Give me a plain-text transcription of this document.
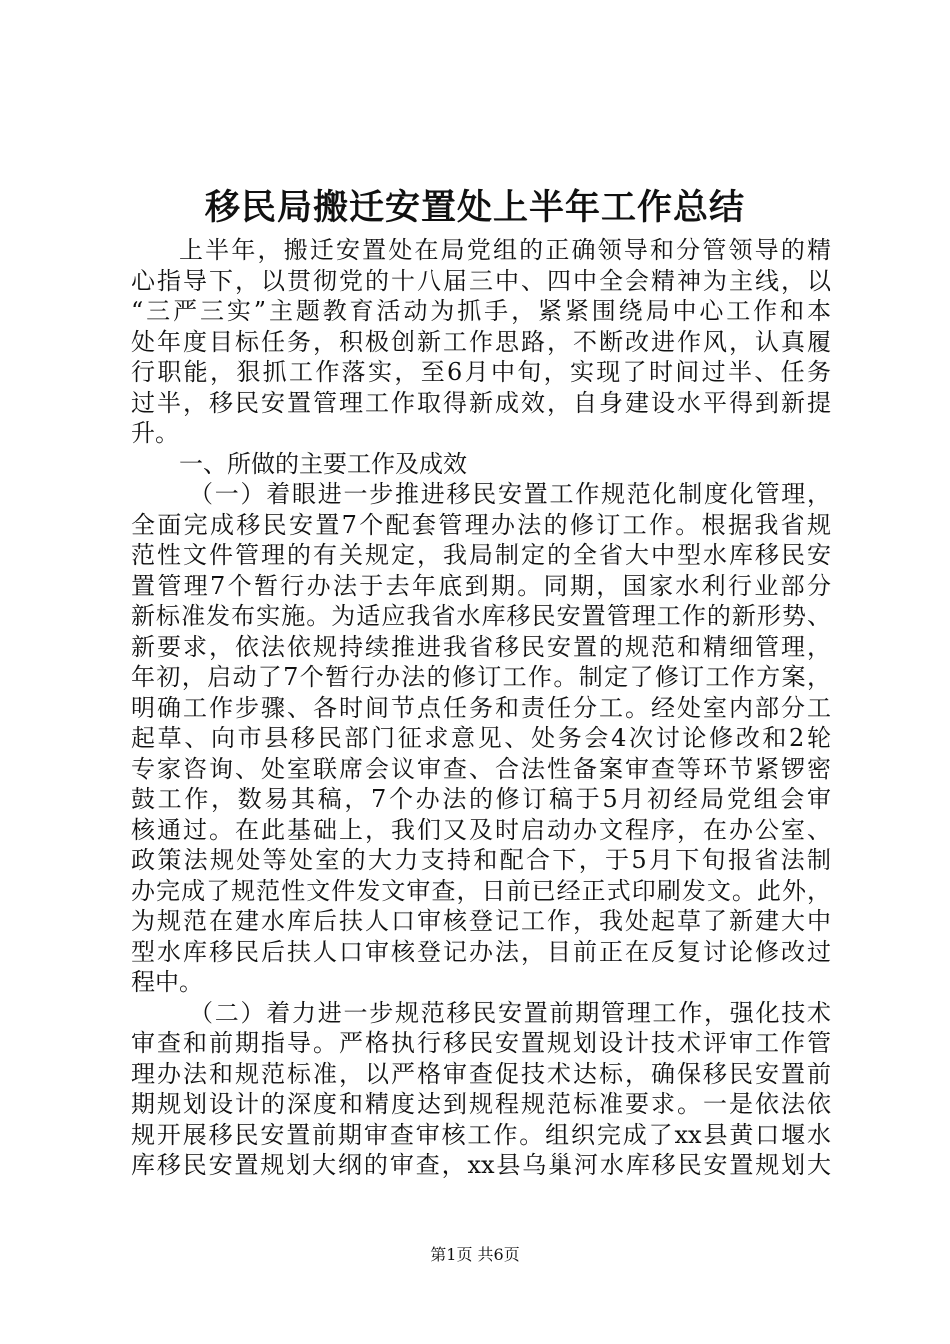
移民局搬迁安置处上半年工作总结
上半年，搬迁安置处在局党组的正确领导和分管领导的精
心指导下，以贯彻党的十八届三中、四中全会精神为主线，以
“三严三实”主题教育活动为抓手，紧紧围绕局中心工作和本
处年度目标任务，积极创新工作思路，不断改进作风，认真履
行职能，狠抓工作落实，至6月中旬，实现了时间过半、任务
过半，移民安置管理工作取得新成效，自身建设水平得到新提
升。
一、所做的主要工作及成效
（一）着眼进一步推进移民安置工作规范化制度化管理，
全面完成移民安置7个配套管理办法的修订工作。根据我省规
范性文件管理的有关规定，我局制定的全省大中型水库移民安
置管理7个暂行办法于去年底到期。同期，国家水利行业部分
新标准发布实施。为适应我省水库移民安置管理工作的新形势、
新要求，依法依规持续推进我省移民安置的规范和精细管理，
年初，启动了7个暂行办法的修订工作。制定了修订工作方案，
明确工作步骤、各时间节点任务和责任分工。经处室内部分工
起草、向市县移民部门征求意见、处务会4次讨论修改和2轮
专家咨询、处室联席会议审查、合法性备案审查等环节紧锣密
鼓工作，数易其稿，7个办法的修订稿于5月初经局党组会审
核通过。在此基础上，我们又及时启动办文程序，在办公室、
政策法规处等处室的大力支持和配合下，于5月下旬报省法制
办完成了规范性文件发文审查，日前已经正式印刷发文。此外，
为规范在建水库后扶人口审核登记工作，我处起草了新建大中
型水库移民后扶人口审核登记办法，目前正在反复讨论修改过
程中。
（二）着力进一步规范移民安置前期管理工作，强化技术
审查和前期指导。严格执行移民安置规划设计技术评审工作管
理办法和规范标准，以严格审查促技术达标，确保移民安置前
期规划设计的深度和精度达到规程规范标准要求。一是依法依
规开展移民安置前期审查审核工作。组织完成了xx县黄口堰水
库移民安置规划大纲的审查，xx县乌巢河水库移民安置规划大
第1页 共6页
